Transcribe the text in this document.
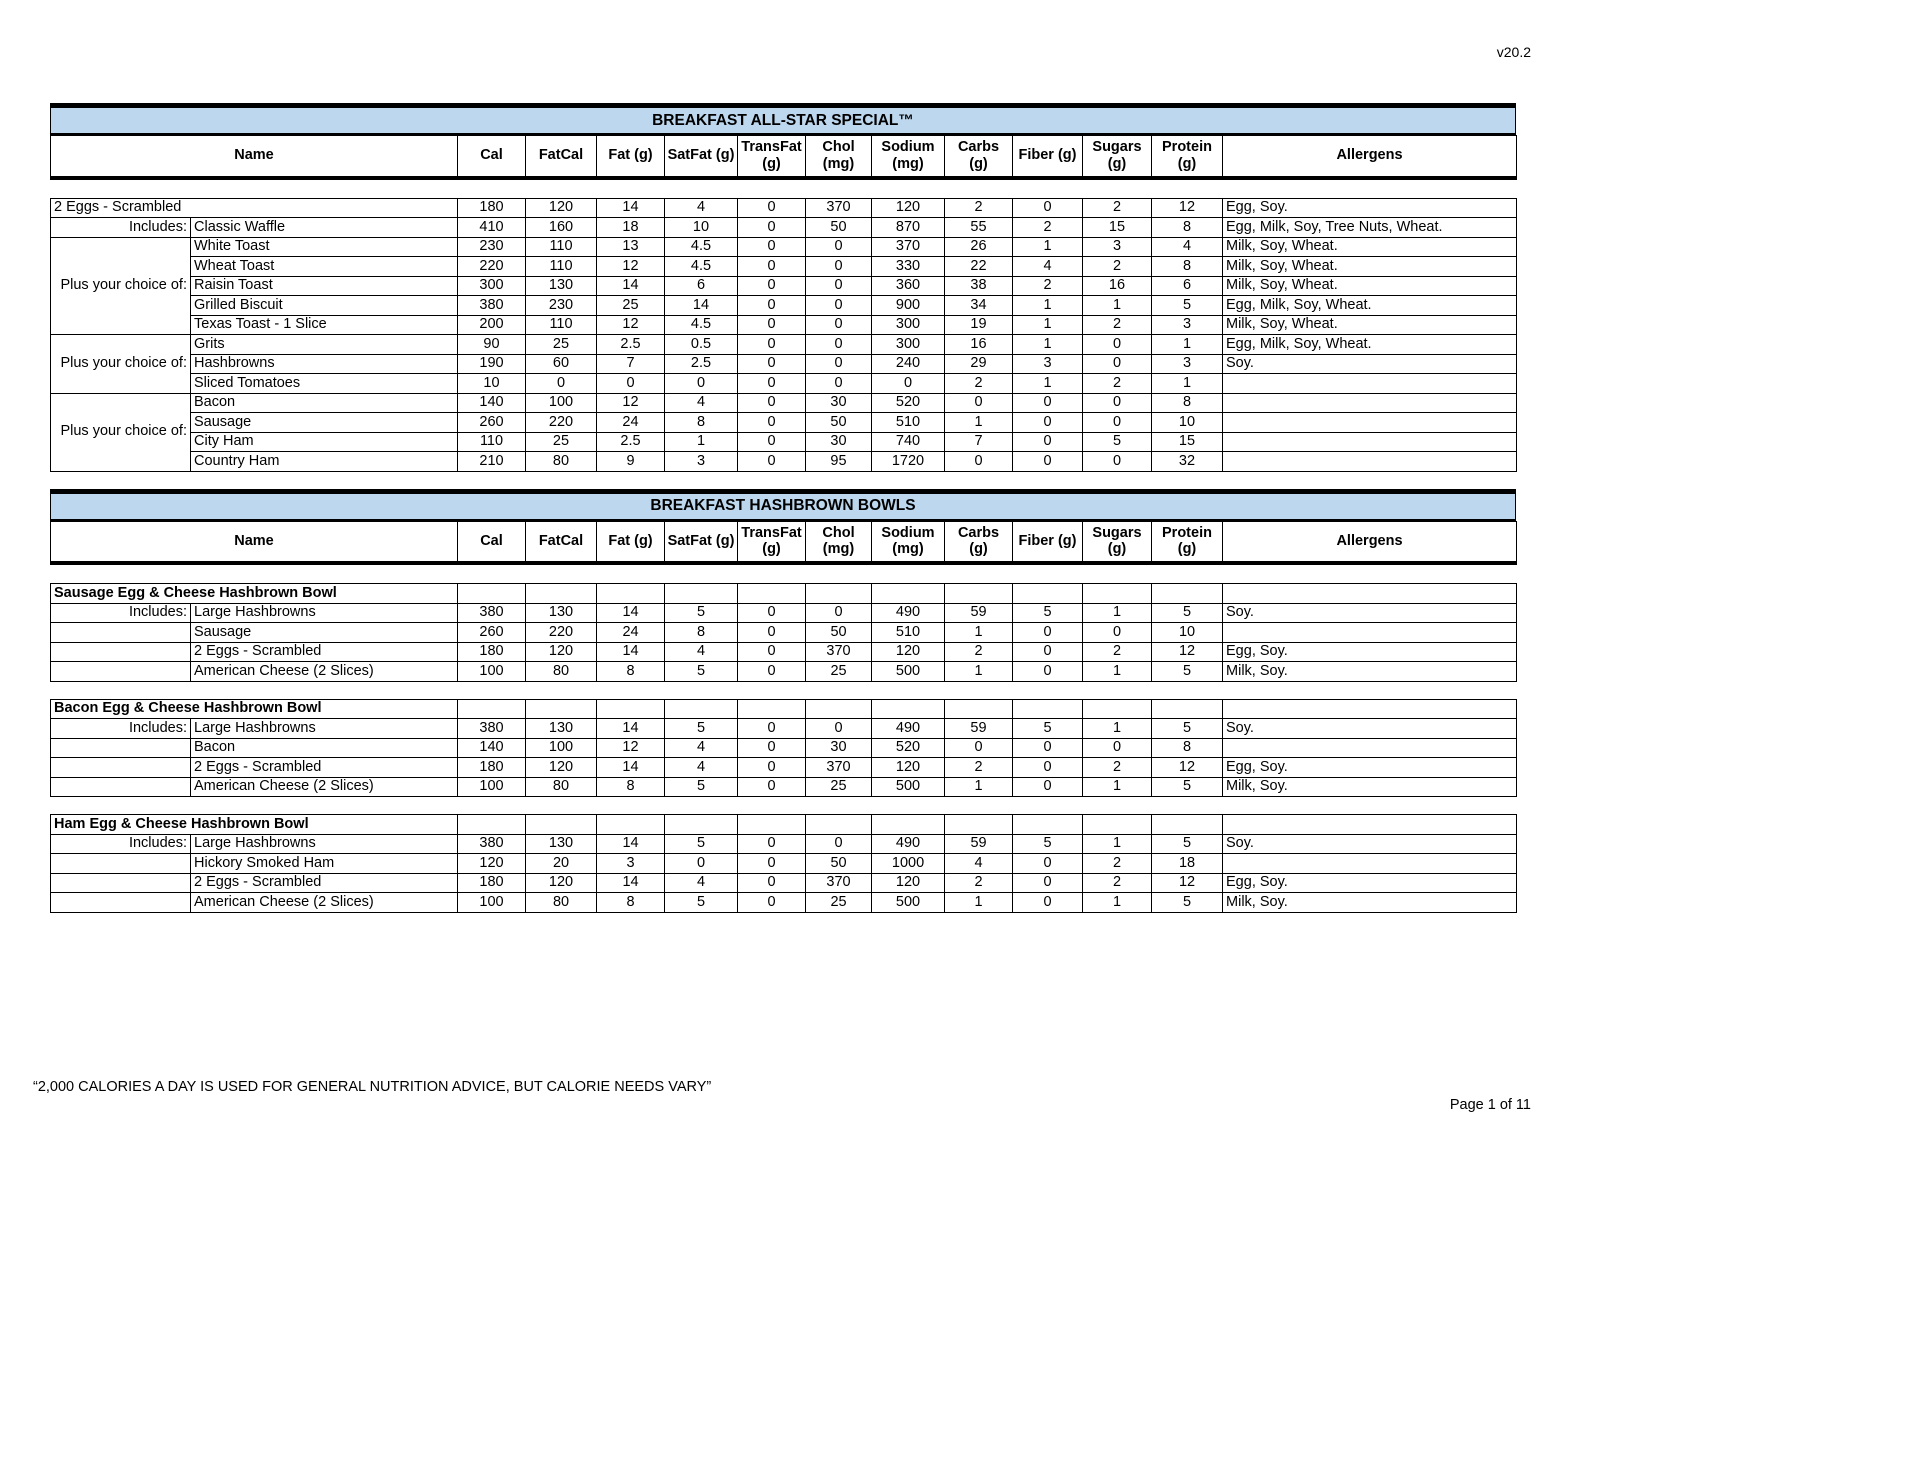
v20.2
BREAKFAST ALL-STAR SPECIAL™
Name	Cal	FatCal	Fat (g)	SatFat (g)	TransFat (g)	Chol (mg)	Sodium (mg)	Carbs (g)	Fiber (g)	Sugars (g)	Protein (g)	Allergens
2 Eggs - Scrambled		180	120	14	4	0	370	120	2	0	2	12	Egg, Soy.
Includes:	Classic Waffle	410	160	18	10	0	50	870	55	2	15	8	Egg, Milk, Soy, Tree Nuts, Wheat.
Plus your choice of:	White Toast	230	110	13	4.5	0	0	370	26	1	3	4	Milk, Soy, Wheat.
	Wheat Toast	220	110	12	4.5	0	0	330	22	4	2	8	Milk, Soy, Wheat.
	Raisin Toast	300	130	14	6	0	0	360	38	2	16	6	Milk, Soy, Wheat.
	Grilled Biscuit	380	230	25	14	0	0	900	34	1	1	5	Egg, Milk, Soy, Wheat.
	Texas Toast - 1 Slice	200	110	12	4.5	0	0	300	19	1	2	3	Milk, Soy, Wheat.
Plus your choice of:	Grits	90	25	2.5	0.5	0	0	300	16	1	0	1	Egg, Milk, Soy, Wheat.
	Hashbrowns	190	60	7	2.5	0	0	240	29	3	0	3	Soy.
	Sliced Tomatoes	10	0	0	0	0	0	0	2	1	2	1	
Plus your choice of:	Bacon	140	100	12	4	0	30	520	0	0	0	8	
	Sausage	260	220	24	8	0	50	510	1	0	0	10	
	City Ham	110	25	2.5	1	0	30	740	7	0	5	15	
	Country Ham	210	80	9	3	0	95	1720	0	0	0	32	
BREAKFAST HASHBROWN BOWLS
Name	Cal	FatCal	Fat (g)	SatFat (g)	TransFat (g)	Chol (mg)	Sodium (mg)	Carbs (g)	Fiber (g)	Sugars (g)	Protein (g)	Allergens
Sausage Egg & Cheese Hashbrown Bowl													
Includes:	Large Hashbrowns	380	130	14	5	0	0	490	59	5	1	5	Soy.
	Sausage	260	220	24	8	0	50	510	1	0	0	10	
	2 Eggs - Scrambled	180	120	14	4	0	370	120	2	0	2	12	Egg, Soy.
	American Cheese (2 Slices)	100	80	8	5	0	25	500	1	0	1	5	Milk, Soy.
Bacon Egg & Cheese Hashbrown Bowl													
Includes:	Large Hashbrowns	380	130	14	5	0	0	490	59	5	1	5	Soy.
	Bacon	140	100	12	4	0	30	520	0	0	0	8	
	2 Eggs - Scrambled	180	120	14	4	0	370	120	2	0	2	12	Egg, Soy.
	American Cheese (2 Slices)	100	80	8	5	0	25	500	1	0	1	5	Milk, Soy.
Ham Egg & Cheese Hashbrown Bowl													
Includes:	Large Hashbrowns	380	130	14	5	0	0	490	59	5	1	5	Soy.
	Hickory Smoked Ham	120	20	3	0	0	50	1000	4	0	2	18	
	2 Eggs - Scrambled	180	120	14	4	0	370	120	2	0	2	12	Egg, Soy.
	American Cheese (2 Slices)	100	80	8	5	0	25	500	1	0	1	5	Milk, Soy.
“2,000 CALORIES A DAY IS USED FOR GENERAL NUTRITION ADVICE, BUT CALORIE NEEDS VARY”
Page 1 of 11
